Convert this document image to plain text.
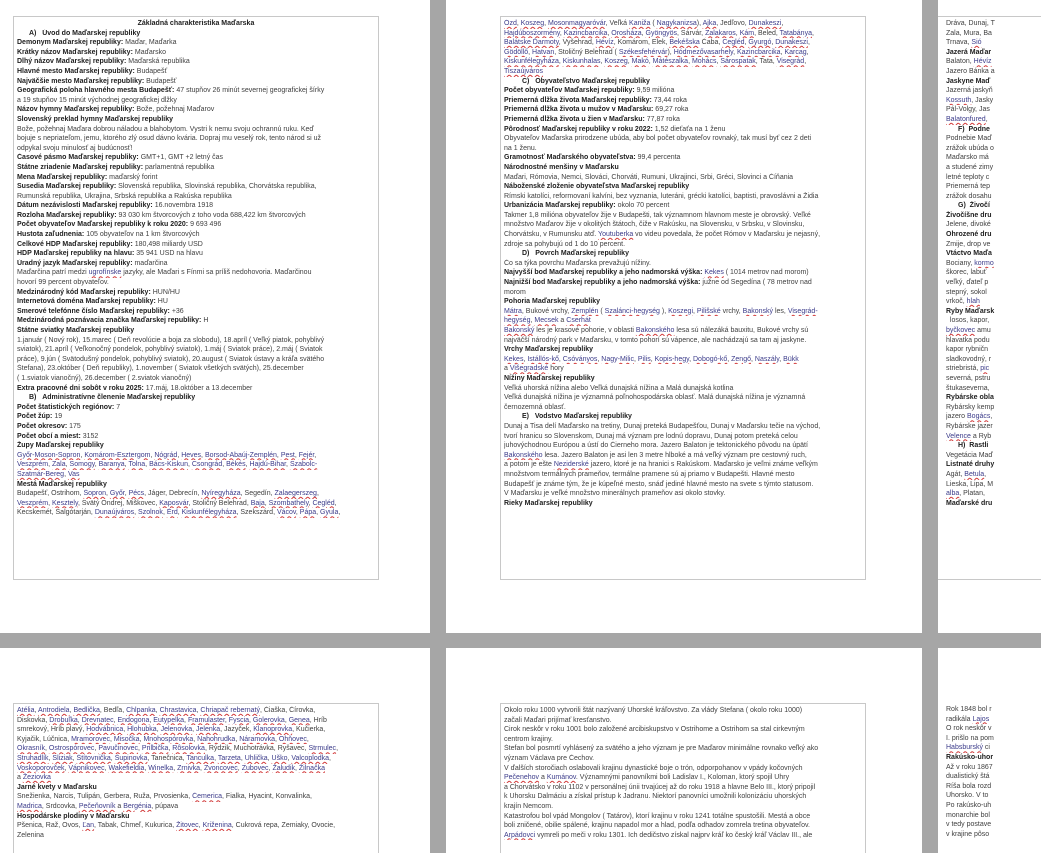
Základná charakteristika Maďarska
A)   Úvod do Maďarskej republiky
Demonym Maďarskej republiky: Maďar, Maďarka
Krátky názov Maďarskej republiky: Maďarsko
Dlhý názov Maďarskej republiky: Maďarská republika
Hlavné mesto Maďarskej republiky: Budapešť
Najväčšie mesto Maďarskej republiky: Budapešť
Geografická poloha hlavného mesta Budapešť: 47 stupňov 26 minút severnej geografickej šírky
a 19 stupňov 15 minút východnej geografickej dĺžky
Názov hymny Maďarskej republiky: Bože, požehnaj Maďarov
Slovenský preklad hymny Maďarskej republiky
Bože, požehnaj Maďara dobrou náladou a blahobytom. Vystri k nemu svoju ochrannú ruku. Keď
bojuje s nepriateľom, jemu, ktorého zlý osud dávno kvária. Dopraj mu veselý rok, tento národ si už
odpykal svoju minulosť aj budúcnosť!
Časové pásmo Maďarskej republiky: GMT+1, GMT +2 letný čas
Štátne zriadenie Maďarskej republiky: parlamentná republika
Mena Maďarskej republiky: maďarský forint
Susedia Maďarskej republiky: Slovenská republika, Slovinská republika, Chorvátska republika,
Rumunská republika, Ukrajina, Srbská republika a Rakúska republika
Dátum nezávislosti Maďarskej republiky: 16.novembra 1918
Rozloha Maďarskej republiky: 93 030 km štvorcových z toho voda 688,422 km štvorcových
Počet obyvateľov Maďarskej republiky k roku 2020: 9 693 496
Hustota zaľudnenia: 105 obyvateľov na 1 km štvorcových
Celkové HDP Maďarskej republiky: 180,498 miliardy USD
HDP Maďarskej republiky na hlavu: 35 941 USD na hlavu
Úradný jazyk Maďarskej republiky: maďarčina
Maďarčina patrí medzi ugrofínske jazyky, ale Maďari s Fínmi sa príliš nedohovoria. Maďarčinou
hovorí 99 percent obyvateľov.
Medzinárodný kód Maďarskej republiky: HUN/HU
Internetová doména Maďarskej republiky: HU
Smerové telefónne číslo Maďarskej republiky: +36
Medzinárodná poznávacia značka Maďarskej republiky: H
Štátne sviatky Maďarskej republiky
1.január ( Nový rok), 15.marec ( Deň revolúcie a boja za slobodu), 18.apríl ( Veľký piatok, pohyblivý
sviatok), 21.apríl ( Veľkonočný pondelok, pohyblivý sviatok), 1.máj ( Sviatok práce), 2.máj ( Sviatok
práce), 9.jún ( Svätodušný pondelok, pohyblivý sviatok), 20.august ( Sviatok ústavy a kráľa svätého
Štefana), 23.október ( Deň republiky), 1.november ( Sviatok všetkých svätých), 25.december
( 1.sviatok vianočný), 26.december ( 2.sviatok vianočný)
Extra pracovné dni sobôt v roku 2025: 17.máj, 18.október a 13.december
B)   Administratívne členenie Maďarskej republiky
Počet štatistických regiónov: 7
Počet žúp: 19
Počet okresov: 175
Počet obcí a miest: 3152
Župy Maďarskej republiky
Győr-Moson-Sopron, Komárom-Esztergom, Nógrád, Heves, Borsod-Abaúj-Zemplén, Pest, Fejér,
Veszprém, Zala, Somogy, Baranya, Tolna, Bács-Kiskun, Csongrád, Békés, Hajdú-Bihar, Szabolc-
Szatmár-Bereg, Vas
Mestá Maďarskej republiky
Budapešť, Ostrihom, Šopron, Győr, Pécs, Jáger, Debrecín, Nyíregyháza, Segedín, Zalaegerszeg,
Veszprém, Kesztely, Svätý Ondrej, Miškovec, Kaposvár, Stoličný Belehrad, Baja, Szombathely, Cegléd,
Kecskemét, Šalgótarján, Dunaújváros, Szolnok, Érd, Kiskunfélegyháza, Szekszárd, Vácov, Pápa, Gyula,
Ózd, Koszeg, Mosonmagyaróvár, Veľká Kaniža ( Nagykanizsa), Ajka, Jedľovo, Dunakeszi,
Hajdúboszormény, Kazincbarcika, Orosháza, Gyöngyös, Sárvár, Zalakaros, Kám, Beled, Tatabánya,
Balátske Ďarmoty, Vyšehrad, Hévíz, Komárom, Elek, Bekéšska Čaba, Cegléd, Gyurgó, Dunakeszi,
Gödöllő, Hatvan, Stoličný Belehrad ( Székesfehérvár), Hódmezővasarhely, Kazincbarcika, Karcag,
Kiskunfélegyháza, Kiskunhalas, Koszeg, Makó, Mátészalka, Mohács, Sárospatak, Tata, Visegrád,
Tiszaújváros
C)   Obyvateľstvo Maďarskej republiky
Počet obyvateľov Maďarskej republiky: 9,59 milióna
Priemerná dĺžka života Maďarskej republiky: 73,44 roka
Priemerná dĺžka života u mužov v Maďarsku: 69,27 roka
Priemerná dĺžka života u žien v Maďarsku: 77,87 roka
Pôrodnosť Maďarskej republiky v roku 2022: 1,52 dieťaťa na 1 ženu
Obyvateľov Maďarska prirodzene ubúda, aby bol počet obyvateľov rovnaký, tak musí byť cez 2 deti
na 1 ženu.
Gramotnosť Maďarského obyvateľstva: 99,4 percenta
Národnostné menšiny v Maďarsku
Maďari, Rómovia, Nemci, Slováci, Chorváti, Rumuni, Ukrajinci, Srbi, Gréci, Slovinci a Číňania
Náboženské zloženie obyvateľstva Maďarskej republiky
Rímski katolíci, reformovaní kalvíni, bez vyznania, luteráni, grécki katolíci, baptisti, pravoslávni a Židia
Urbanizácia Maďarskej republiky: okolo 70 percent
Takmer 1,8 milióna obyvateľov žije v Budapešti, tak významnom hlavnom meste je obrovský. Veľké
množstvo Maďarov žije v okolitých štátoch, čiže v Rakúsku, na Slovensku, v Srbsku, v Slovinsku,
Chorvátsku, v Rumunsku atď. Youtuberka vo videu povedala, že počet Rómov v Maďarsku je nejasný,
zdroje sa pohybujú od 1 do 10 percent.
D)   Povrch Maďarskej republiky
Čo sa týka povrchu Maďarska prevažujú nížiny.
Najvyšší bod Maďarskej republiky a jeho nadmorská výška: Kekes ( 1014 metrov nad morom)
Najnižší bod Maďarskej republiky a jeho nadmorská výška: južne od Segedína ( 78 metrov nad
morom
Pohoria Maďarskej republiky
Mátra, Bukové vrchy, Zemplén ( Szalánci-hegység ), Koszegi, Pilišské vrchy, Bakonský les, Visegrád-
hegység, Mecsek a Cserhát
Bakonský les je krasové pohorie, v oblasti Bakonského lesa sú nálezáká bauxitu, Bukové vrchy sú
najväčší národný park v Maďarsku, v tomto pohorí sú vápence, ale nachádzajú sa tam aj jaskyne.
Vrchy Maďarskej republiky
Kekes, Istállós-kő, Csóványos, Nagy-Milic, Pilis, Kopis-hegy, Dobogó-kő, Zengő, Naszály, Bükk
a Višegradské hory
Nížiny Maďarskej republiky
Veľká uhorská nížina alebo Veľká dunajská nížina a Malá dunajská kotlina
Veľká dunajská nížina je významná poľnohospodárska oblasť. Malá dunajská nížina je významná
černozemná oblasť.
E)   Vodstvo Maďarskej republiky
Dunaj a Tisa delí Maďarsko na tretiny, Dunaj preteká Budapešťou, Dunaj v Maďarsku tečie na východ,
tvorí hranicu so Slovenskom, Dunaj má význam pre lodnú dopravu, Dunaj potom preteká celou
juhovýchodnou Európou a ústí do Čierneho mora. Jazero Balaton je tektonického pôvodu na úpätí
Bakonského lesa. Jazero Balaton je asi len 3 metre hlboké a má veľký význam pre cestovný ruch,
a potom je ešte Neziderské jazero, ktoré je na hranici s Rakúskom. Maďarsko je veľmi známe veľkým
množstvom termálnych prameňov, termálne pramene sú aj priamo v Budapešti. Hlavné mesto
Budapešť je známe tým, že je kúpeľné mesto, snáď jediné hlavné mesto na svete s týmto statusom.
V Maďarsku je veľké množstvo minerálnych prameňov asi okolo stovky.
Rieky Maďarskej republiky
Dráva, Dunaj, T
Zala, Mura, Ba
Trnava, Sió
Jazerá Maďar
Balaton, Hévíz
Jazero Bánka a
Jaskyne Maď
Jazerná jaskyň
Kossuth, Jasky
Pál-Volgy, Jas
Balatonfured,
F)  Podne
Podnebie Maď
zrážok ubúda o
Maďarsko má
a studené zimy
letné teploty c
Priemerná tep
zrážok dosahu
G)  Živočí
Živočíšne dru
Jelene, divoké
Ohrozené dru
Zmije, drop ve
Vtáctvo Maďa
Bociany, kormo
škorec, labuť
veľký, ďateľ p
stepný, sokol
vrkoč, hlah
Ryby Maďarsk
losos, kapor,
byčkovec amu
hlavatka podu
kapor rybničn
sladkovodný, r
striebristá, pic
severná, pstru
štukasevernа,
Rybárske obla
Rybársky kemp
jazero Bogács,
Rybárske jazer
Velence a Ryb
H)  Rastli
Vegetácia Maď
Listnaté druhy
Agát, Betula,
Lieska, Lipa, M
alba, Platan,
Maďarské dru
Atélia, Antrodiela, Bedlička, Bedľa, Chlpanka, Chrastavica, Chriapač rebernatý, Čiaška, Čírovka,
Diskovka, Drobuľka, Drevnatec, Endogona, Eutypelka, Framulaster, Fyscia, Golerovka, Genea, Hríb
smrekový, Hríb plavý, Hodvábnica, Hlohubka, Jelenovka, Jelenka, Jazyček, Klanoprovka, Kučierka,
Kyjačik, Lúčnica, Mramorovec, Misočka, Mnohospórovka, Nahohrudka, Náramovka, Ohňovec,
Okrasník, Ostrospórovec, Pavučinovec, Prilbička, Rôsolovka, Rýdzik, Muchotrávka, Ryšavec, Strmulec,
Struhadlík, Sliziak, Štítovnička, Šupinovka, Tanečnica, Tanculka, Tarzeta, Uhlička, Uško, Valcoplodka,
Voskoporovček, Vápnikovec, Wakefieldia, Winelka, Zrnivka, Zvoncovec, Zubovec, Žaludik, Žilnačka
a Žeziovka
Jarné kvety v Maďarsku
Snežienka, Narcis, Tulipán, Gerbera, Ruža, Prvosienka, Čemerica, Fialka, Hyacint, Konvalinka,
Madrica, Srdcovka, Pečeňovník a Bergénia, púpava
Hospodárske plodiny v Maďarsku
Pšenica, Raž, Ovos, Ľan, Tabak, Chmeľ, Kukurica, Žitovec, Križenina, Cukrová repa, Zemiaky, Ovocie,
Zelenina
Okolo roku 1000 vytvorili štát nazývaný Uhorské kráľovstvo. Za vlády Štefana ( okolo roku 1000)
začali Maďari prijímať kresťanstvo.
Cirok neskôr v roku 1001 bolo založené arcibiskupstvo v Ostrihome a Ostrihom sa stal cirkevným
centrom krajiny.
Štefan bol posmrtí vyhlásený za svätého a jeho význam je pre Maďarov minimálne rovnako veľký ako
význam Václava pre Čechov.
V ďalších storočiach oslabovali krajinu dynastické boje o trón, odporpohanov v vpády kočovných
Pečenehov a Kumánov. Významnými panovníkmi boli Ladislav I., Koloman, ktorý spojil Uhry
a Chorvátsko v roku 1102 v personálnej únii trvajúcej až do roku 1918 a hlavne Belo III., ktorý pripojil
k Uhorsku Dalmáciu a získal prístup k Jadranu. Niektorí panovníci umožnili kolonizáciu uhorských
krajín Nemcom.
Katastrofou bol vpád Mongolov ( Tatárov), ktorí krajinu v roku 1241 totálne spustošili. Mestá a obce
boli zničené, obilie spálené, krajinu napadol mor a hlad, podľa odhadov zomrela tretina obyvateľov.
Arpádovci vymreli po meči v roku 1301. Ich dedičstvo získal najprv kráľ ko český kráľ Václav III., ale
Rok 1848 bol r
radikála Lajos
O rok neskôr v
I. prišlo na pom
Habsburský ci
Rakúsko-uhor
Až v roku 1867
dualistický štá
Ríša bola rozd
Uhorsko. V to
Po rakúsko-uh
monarchie bol
v tedy postave
v krajine pôso
